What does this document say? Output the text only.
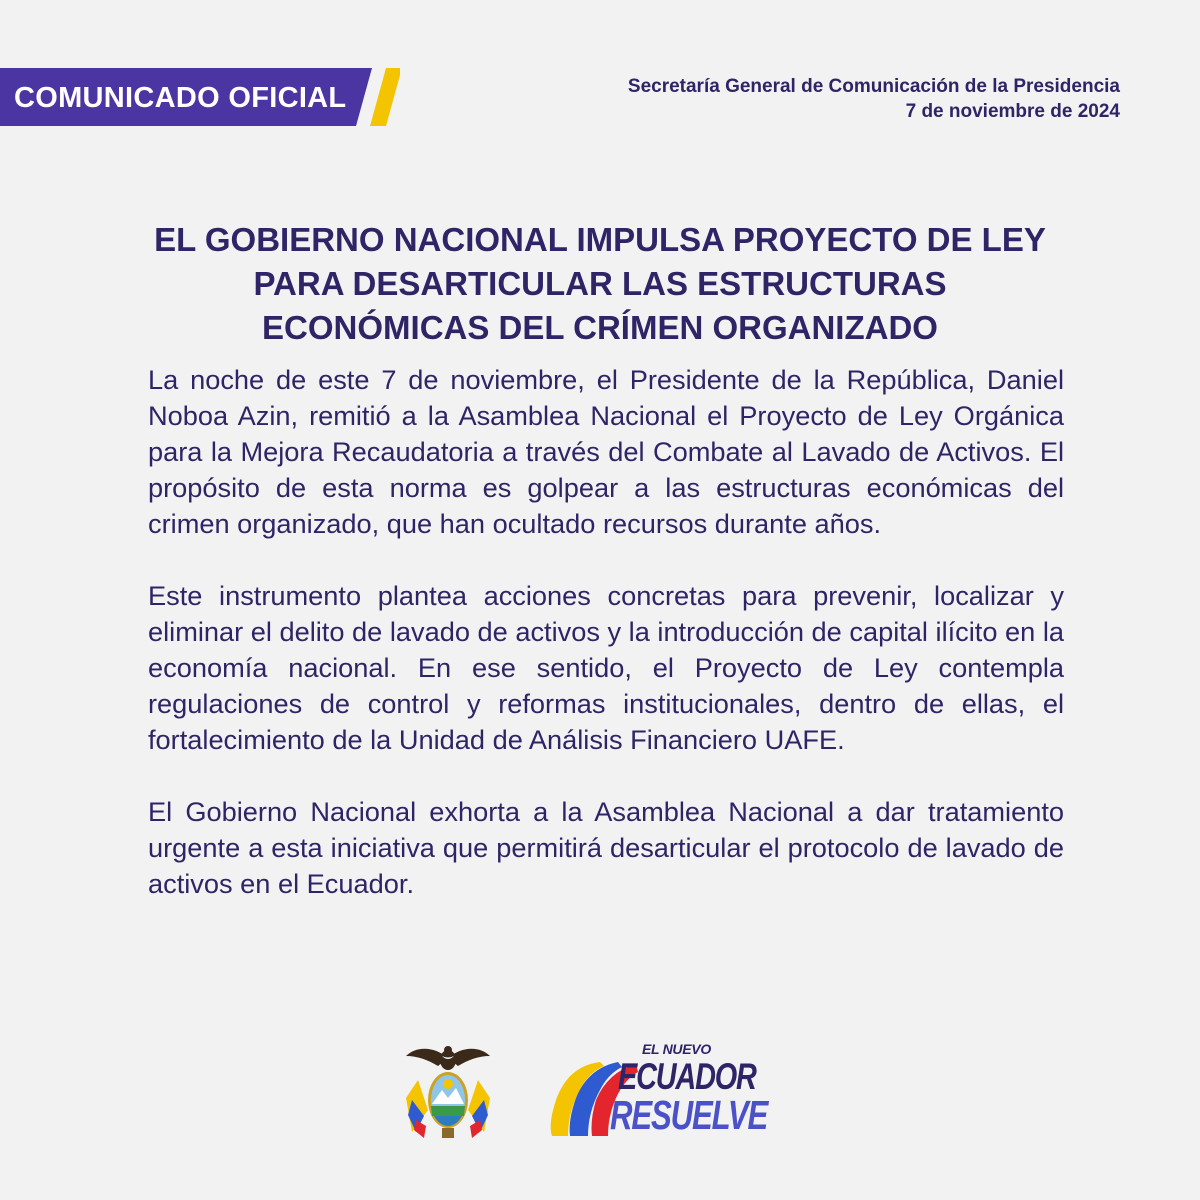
COMUNICADO OFICIAL	Secretaría General de Comunicación de la Presidencia
7 de noviembre de 2024
EL GOBIERNO NACIONAL IMPULSA PROYECTO DE LEY
PARA DESARTICULAR LAS ESTRUCTURAS
ECONÓMICAS DEL CRÍMEN ORGANIZADO

La noche de este 7 de noviembre, el Presidente de la República, Daniel Noboa Azin, remitió a la Asamblea Nacional el Proyecto de Ley Orgánica para la Mejora Recaudatoria a través del Combate al Lavado de Activos. El propósito de esta norma es golpear a las estructuras económicas del crimen organizado, que han ocultado recursos durante años.

Este instrumento plantea acciones concretas para prevenir, localizar y eliminar el delito de lavado de activos y la introducción de capital ilícito en la economía nacional. En ese sentido, el Proyecto de Ley contempla regulaciones de control y reformas institucionales, dentro de ellas, el fortalecimiento de la Unidad de Análisis Financiero UAFE.

El Gobierno Nacional exhorta a la Asamblea Nacional a dar tratamiento urgente a esta iniciativa que permitirá desarticular el protocolo de lavado de activos en el Ecuador.

EL NUEVO
ECUADOR
RESUELVE
